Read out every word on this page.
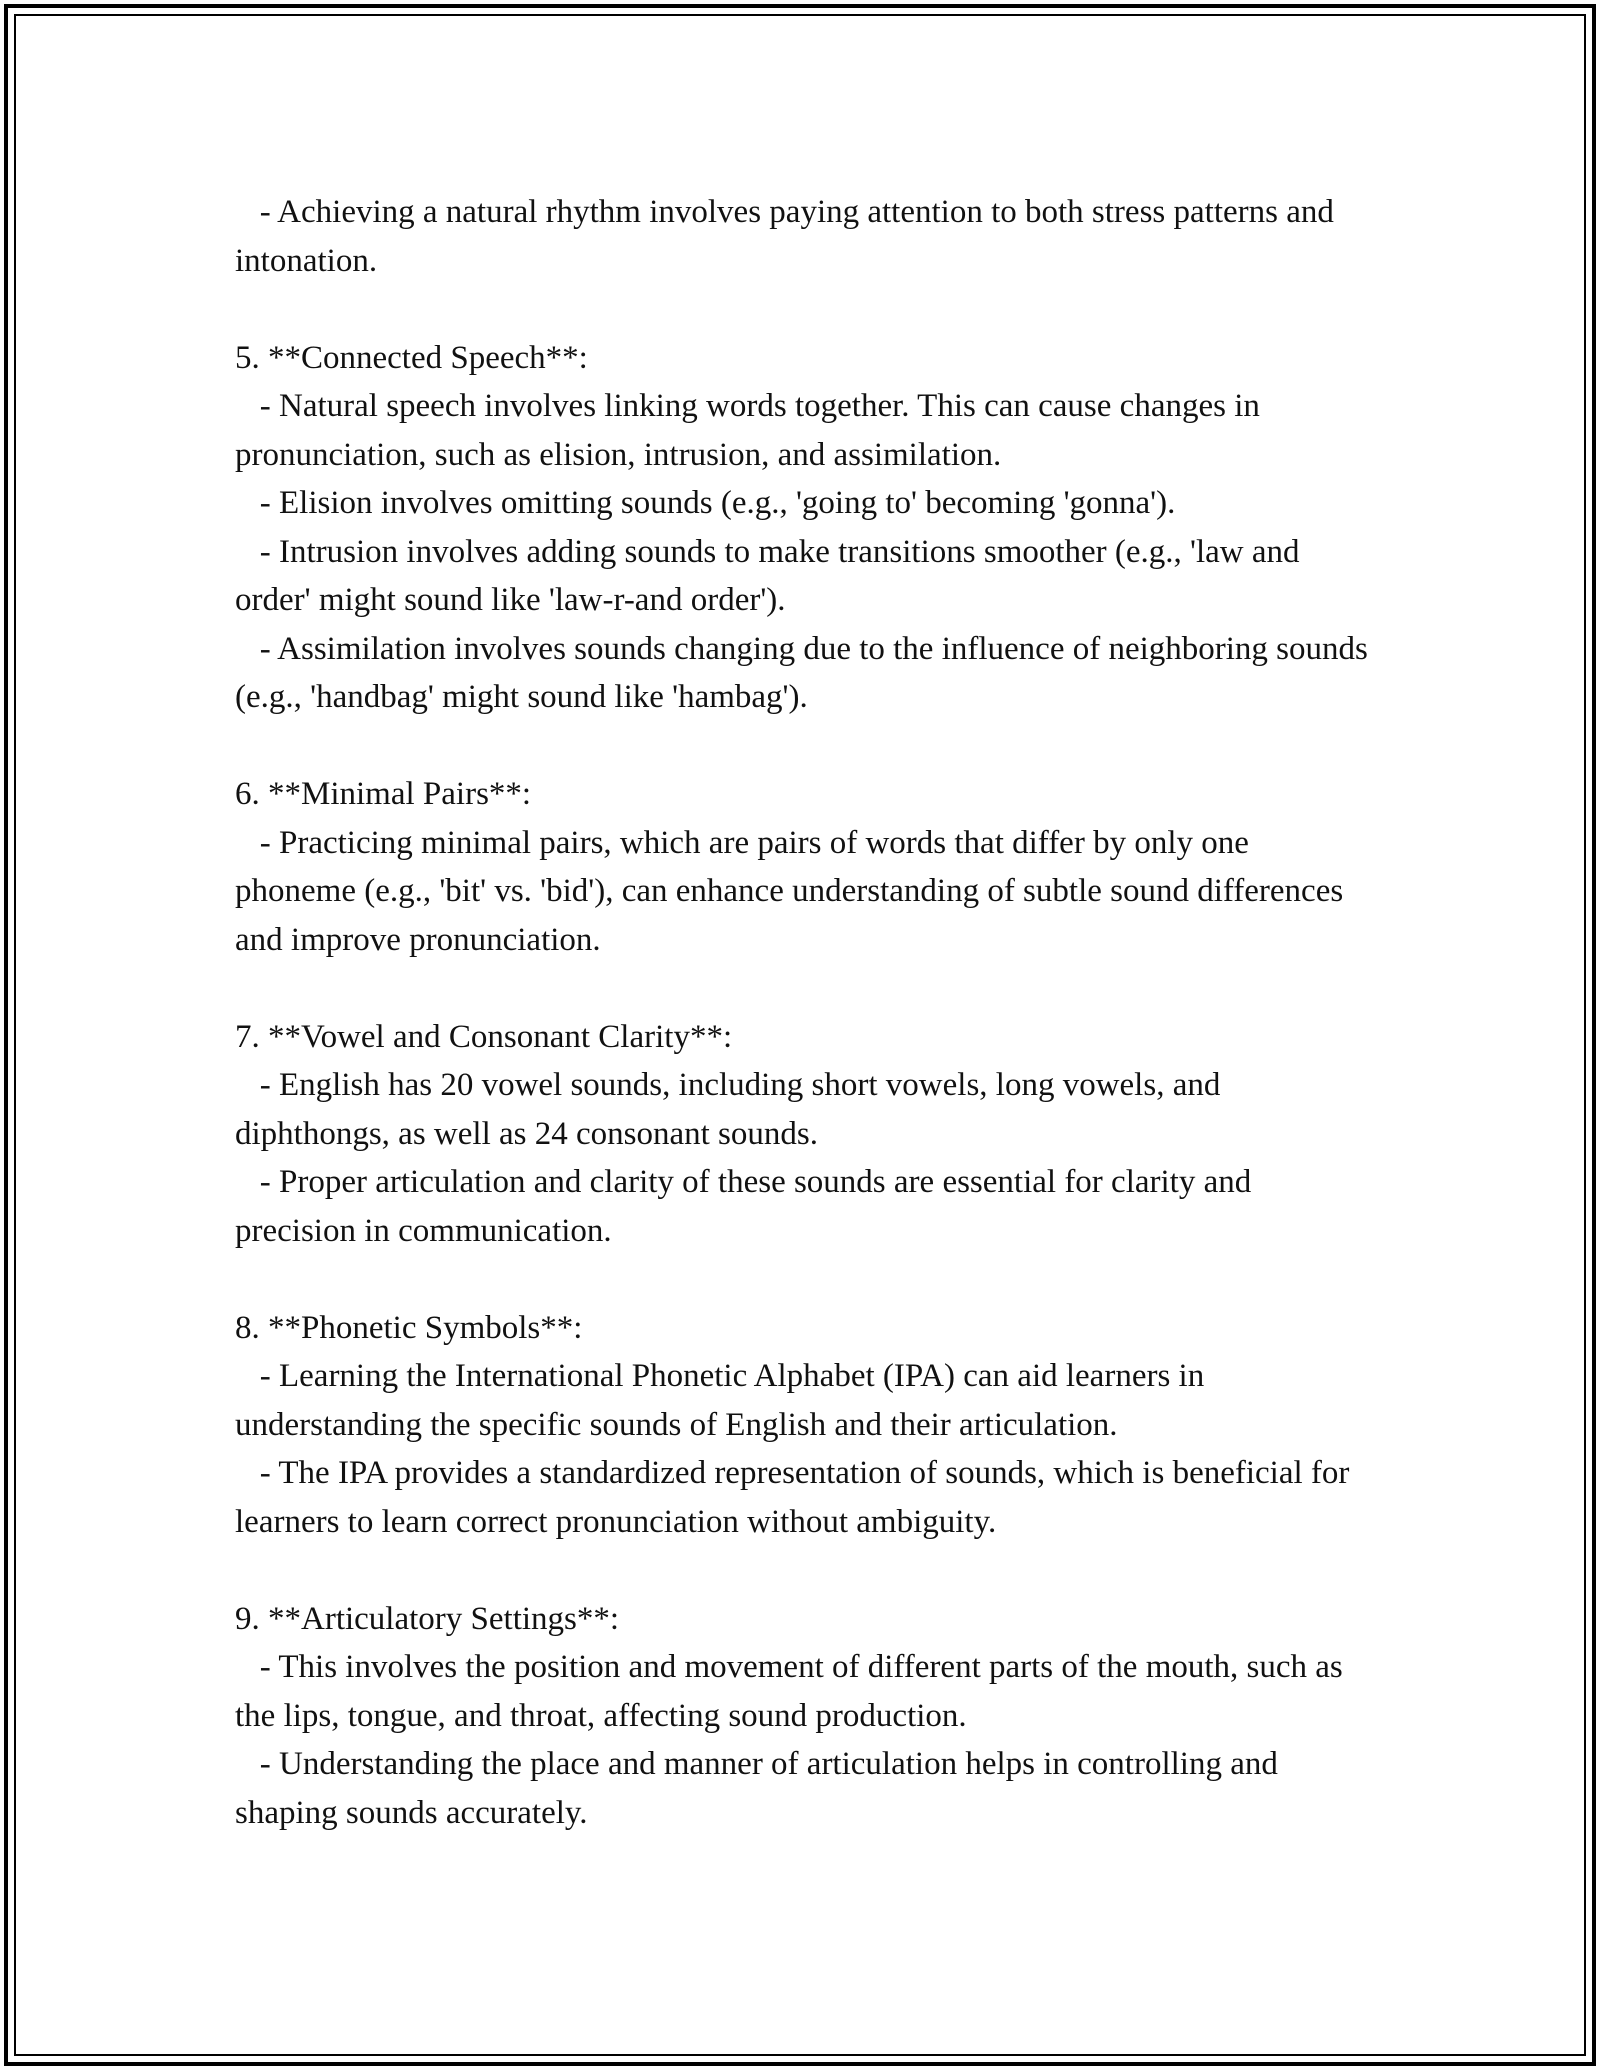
- Achieving a natural rhythm involves paying attention to both stress patterns and intonation.

5. **Connected Speech**:

- Natural speech involves linking words together. This can cause changes in pronunciation, such as elision, intrusion, and assimilation.

- Elision involves omitting sounds (e.g., 'going to' becoming 'gonna').

- Intrusion involves adding sounds to make transitions smoother (e.g., 'law and order' might sound like 'law-r-and order').

- Assimilation involves sounds changing due to the influence of neighboring sounds (e.g., 'handbag' might sound like 'hambag').

6. **Minimal Pairs**:

- Practicing minimal pairs, which are pairs of words that differ by only one phoneme (e.g., 'bit' vs. 'bid'), can enhance understanding of subtle sound differences and improve pronunciation.

7. **Vowel and Consonant Clarity**:

- English has 20 vowel sounds, including short vowels, long vowels, and diphthongs, as well as 24 consonant sounds.

- Proper articulation and clarity of these sounds are essential for clarity and precision in communication.

8. **Phonetic Symbols**:

- Learning the International Phonetic Alphabet (IPA) can aid learners in understanding the specific sounds of English and their articulation.

- The IPA provides a standardized representation of sounds, which is beneficial for learners to learn correct pronunciation without ambiguity.

9. **Articulatory Settings**:

- This involves the position and movement of different parts of the mouth, such as the lips, tongue, and throat, affecting sound production.

- Understanding the place and manner of articulation helps in controlling and shaping sounds accurately.
